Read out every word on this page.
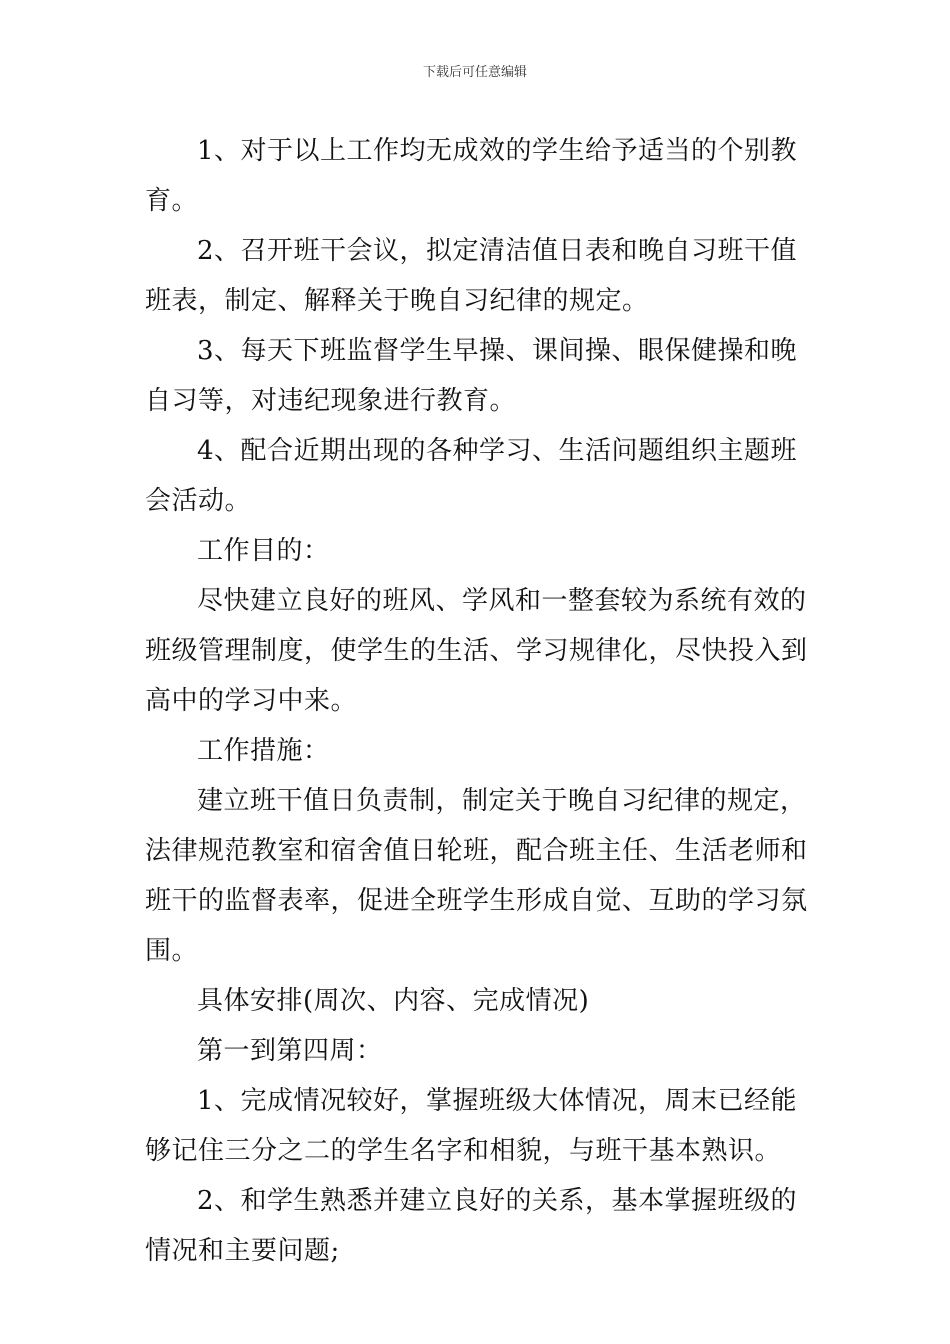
下载后可任意编辑

1、对于以上工作均无成效的学生给予适当的个别教育。

2、召开班干会议，拟定清洁值日表和晚自习班干值班表，制定、解释关于晚自习纪律的规定。

3、每天下班监督学生早操、课间操、眼保健操和晚自习等，对违纪现象进行教育。

4、配合近期出现的各种学习、生活问题组织主题班会活动。

工作目的：

尽快建立良好的班风、学风和一整套较为系统有效的班级管理制度，使学生的生活、学习规律化，尽快投入到高中的学习中来。

工作措施：

建立班干值日负责制，制定关于晚自习纪律的规定，法律规范教室和宿舍值日轮班，配合班主任、生活老师和班干的监督表率，促进全班学生形成自觉、互助的学习氛围。

具体安排(周次、内容、完成情况)

第一到第四周：

1、完成情况较好，掌握班级大体情况，周末已经能够记住三分之二的学生名字和相貌，与班干基本熟识。

2、和学生熟悉并建立良好的关系，基本掌握班级的情况和主要问题;
